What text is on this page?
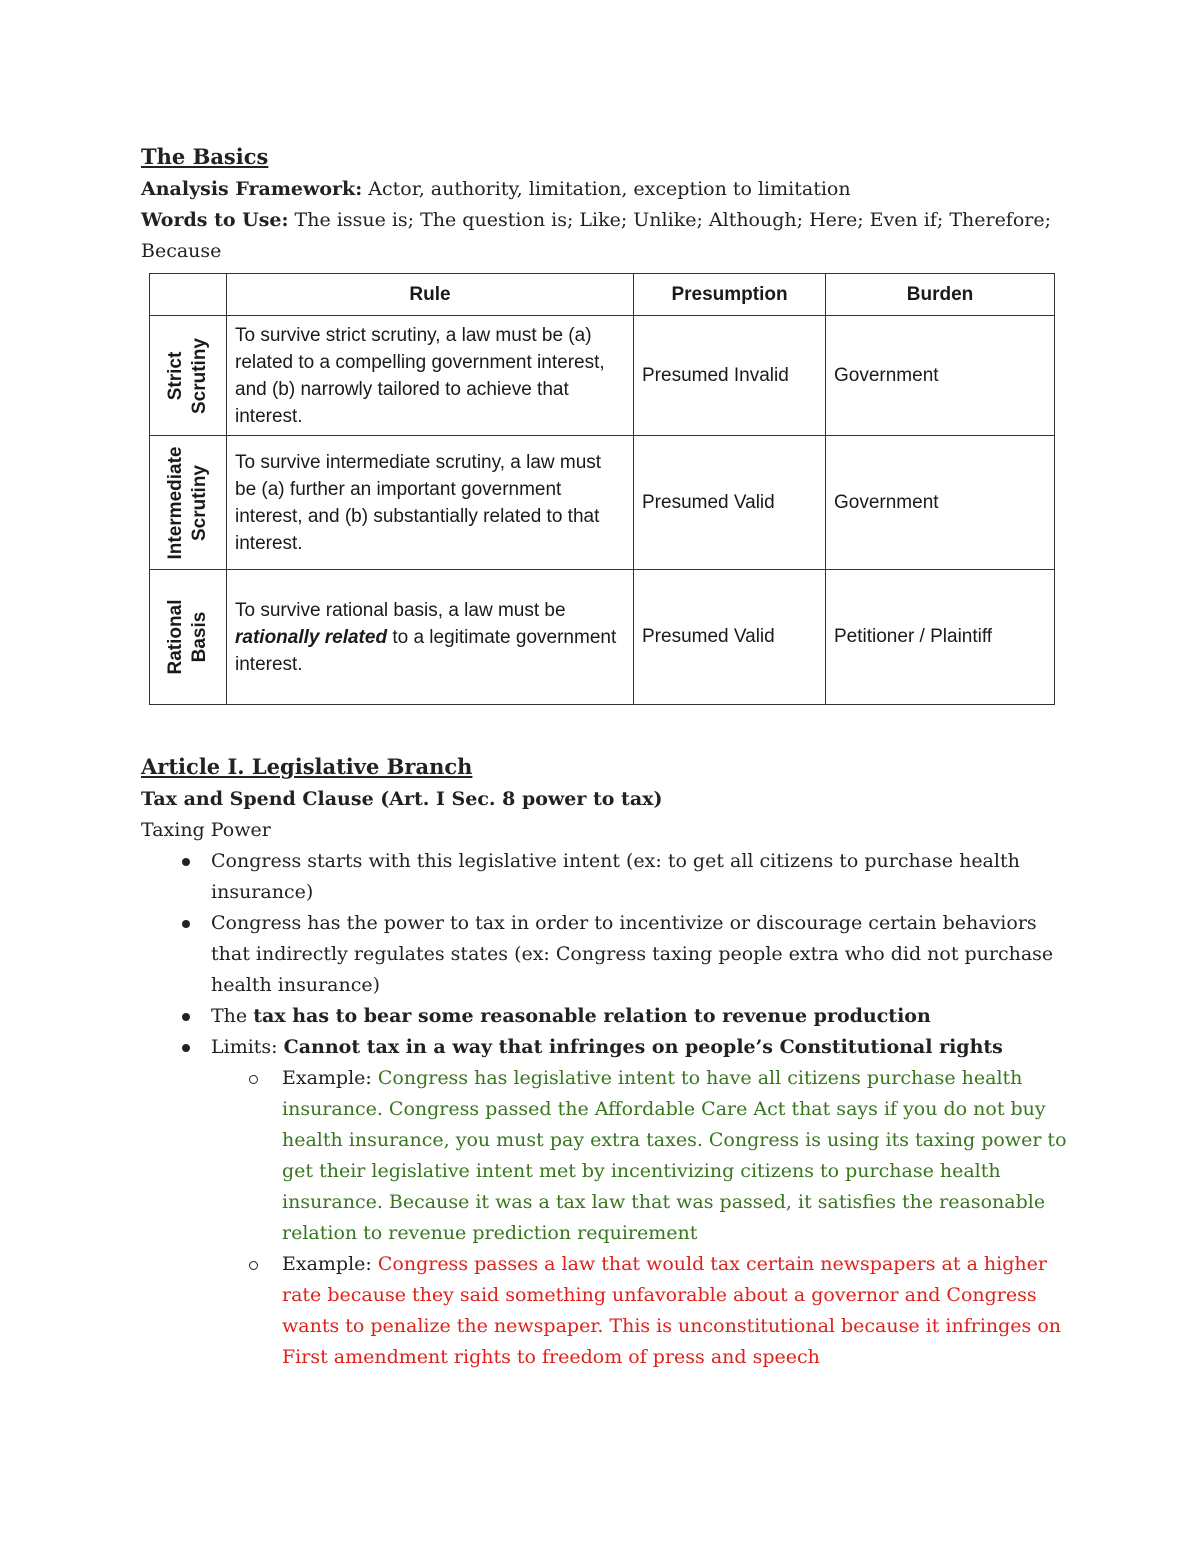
The Basics
Analysis Framework: Actor, authority, limitation, exception to limitation
Words to Use: The issue is; The question is; Like; Unlike; Although; Here; Even if; Therefore;
Because
	Rule	Presumption	Burden

Strict Scrutiny	To survive strict scrutiny, a law must be (a) related to a compelling government interest, and (b) narrowly tailored to achieve that interest.	Presumed Invalid	Government

Intermediate Scrutiny	To survive intermediate scrutiny, a law must be (a) further an important government interest, and (b) substantially related to that interest.	Presumed Valid	Government

Rational Basis	To survive rational basis, a law must be rationally related to a legitimate government interest.	Presumed Valid	Petitioner / Plaintiff
Article I. Legislative Branch
Tax and Spend Clause (Art. I Sec. 8 power to tax)
Taxing Power
Congress starts with this legislative intent (ex: to get all citizens to purchase health insurance)
Congress has the power to tax in order to incentivize or discourage certain behaviors that indirectly regulates states (ex: Congress taxing people extra who did not purchase health insurance)
The tax has to bear some reasonable relation to revenue production
Limits: Cannot tax in a way that infringes on people’s Constitutional rights
Example: Congress has legislative intent to have all citizens purchase health insurance. Congress passed the Affordable Care Act that says if you do not buy health insurance, you must pay extra taxes. Congress is using its taxing power to get their legislative intent met by incentivizing citizens to purchase health insurance. Because it was a tax law that was passed, it satisfies the reasonable relation to revenue prediction requirement
Example: Congress passes a law that would tax certain newspapers at a higher rate because they said something unfavorable about a governor and Congress wants to penalize the newspaper. This is unconstitutional because it infringes on First amendment rights to freedom of press and speech
